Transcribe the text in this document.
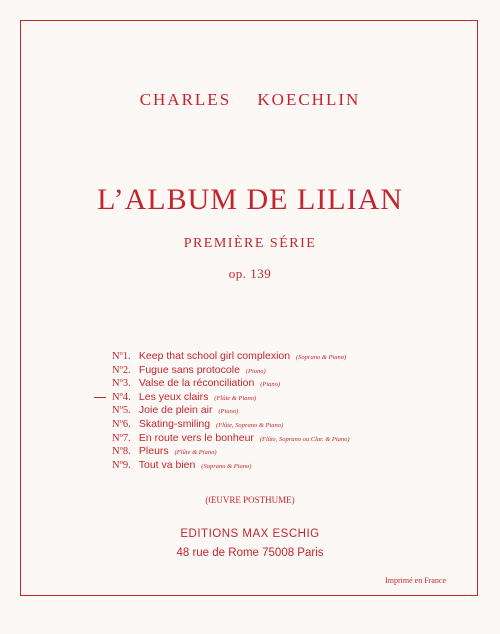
CHARLES KOECHLIN
L’ALBUM DE LILIAN
PREMIÈRE SÉRIE
op. 139
Nº1. Keep that school girl complexion (Soprano & Piano)
Nº2. Fugue sans protocole (Piano)
Nº3. Valse de la réconciliation (Piano)
Nº4. Les yeux clairs (Flûte & Piano)
Nº5. Joie de plein air (Piano)
Nº6. Skating-smiling (Flûte, Soprano & Piano)
Nº7. En route vers le bonheur (Flûte, Soprano ou Clar. & Piano)
Nº8. Pleurs (Flûte & Piano)
Nº9. Tout va bien (Soprano & Piano)
(ŒUVRE POSTHUME)
EDITIONS MAX ESCHIG
48 rue de Rome 75008 Paris
Imprimé en France
